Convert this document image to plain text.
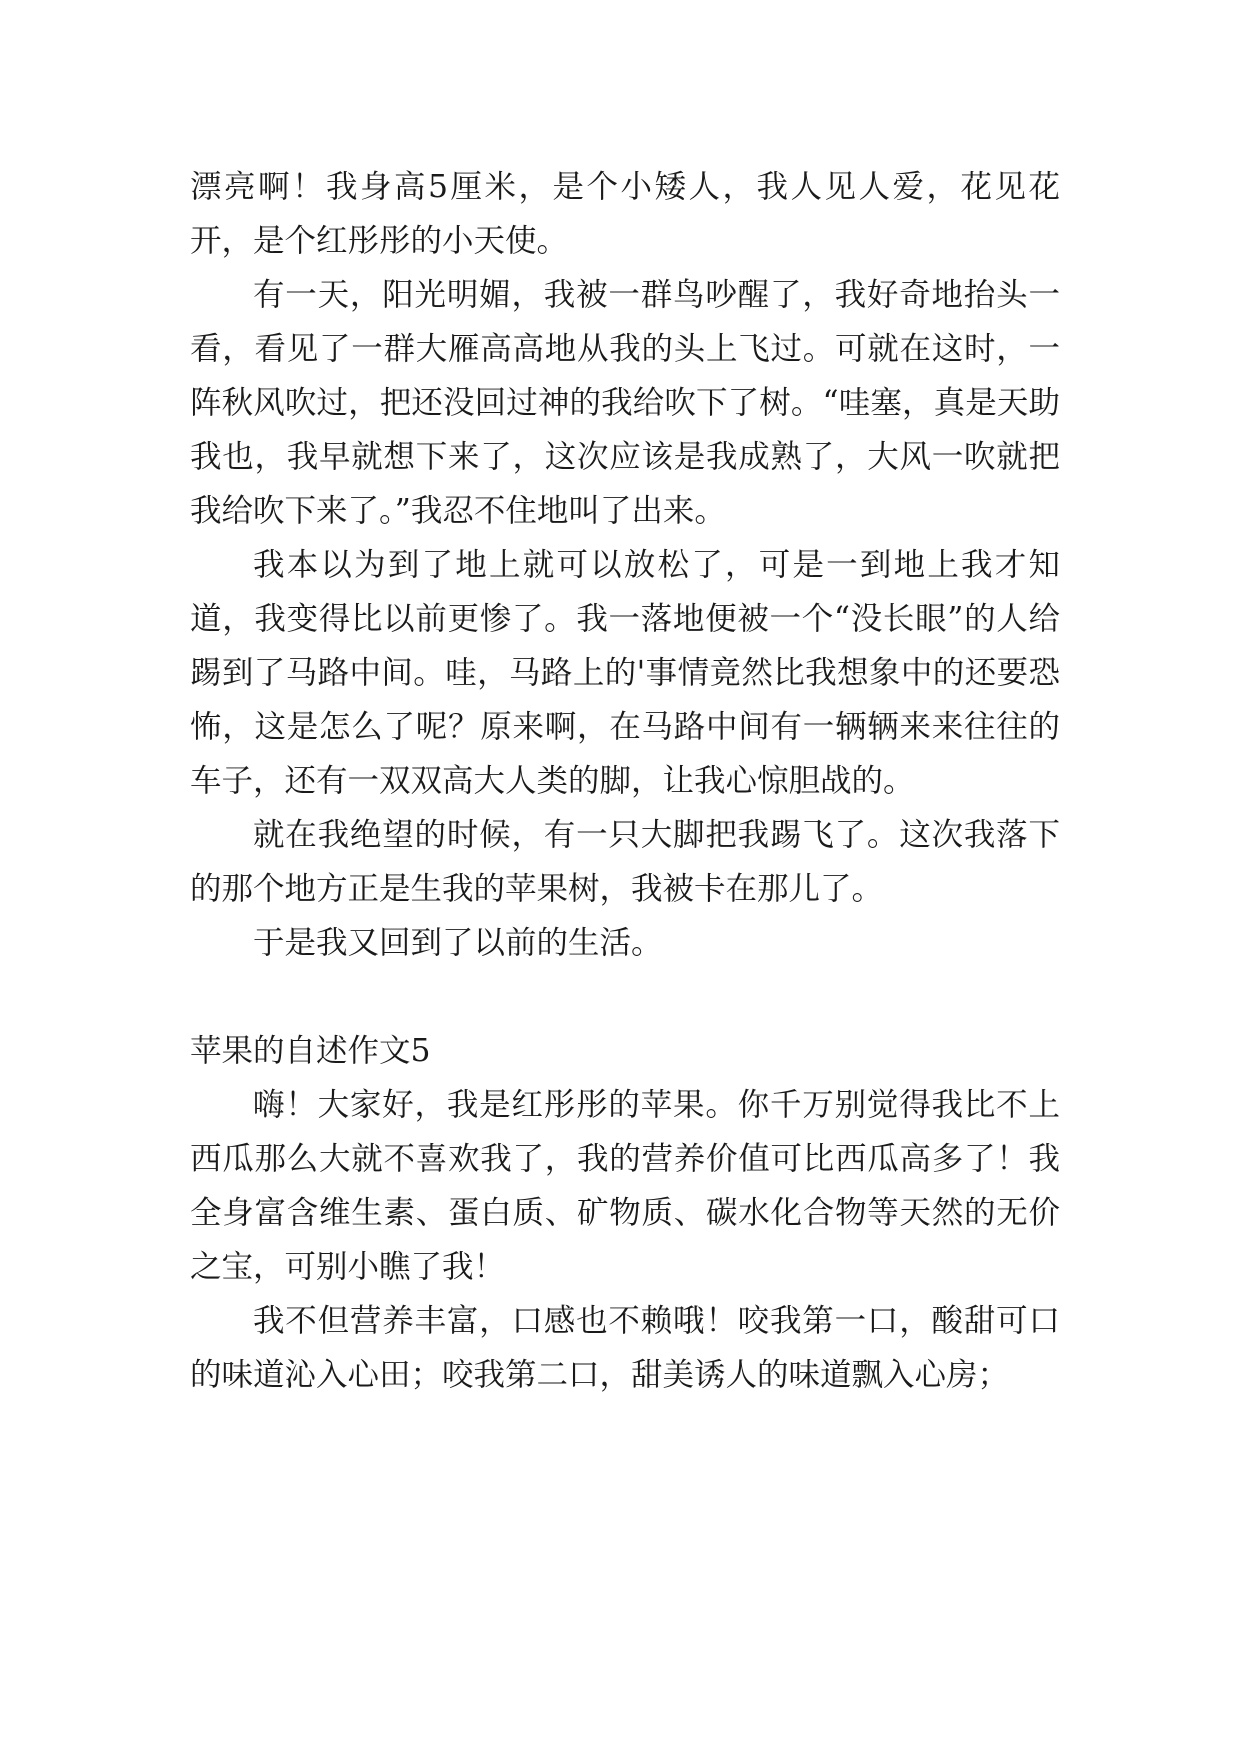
漂亮啊！我身高5厘米，是个小矮人，我人见人爱，花见花开，是个红彤彤的小天使。

有一天，阳光明媚，我被一群鸟吵醒了，我好奇地抬头一看，看见了一群大雁高高地从我的头上飞过。可就在这时，一阵秋风吹过，把还没回过神的我给吹下了树。“哇塞，真是天助我也，我早就想下来了，这次应该是我成熟了，大风一吹就把我给吹下来了。”我忍不住地叫了出来。

我本以为到了地上就可以放松了，可是一到地上我才知道，我变得比以前更惨了。我一落地便被一个“没长眼”的人给踢到了马路中间。哇，马路上的'事情竟然比我想象中的还要恐怖，这是怎么了呢？原来啊，在马路中间有一辆辆来来往往的车子，还有一双双高大人类的脚，让我心惊胆战的。

就在我绝望的时候，有一只大脚把我踢飞了。这次我落下的那个地方正是生我的苹果树，我被卡在那儿了。

于是我又回到了以前的生活。

苹果的自述作文5

嗨！大家好，我是红彤彤的苹果。你千万别觉得我比不上西瓜那么大就不喜欢我了，我的营养价值可比西瓜高多了！我全身富含维生素、蛋白质、矿物质、碳水化合物等天然的无价之宝，可别小瞧了我！

我不但营养丰富，口感也不赖哦！咬我第一口，酸甜可口的味道沁入心田；咬我第二口，甜美诱人的味道飘入心房；
